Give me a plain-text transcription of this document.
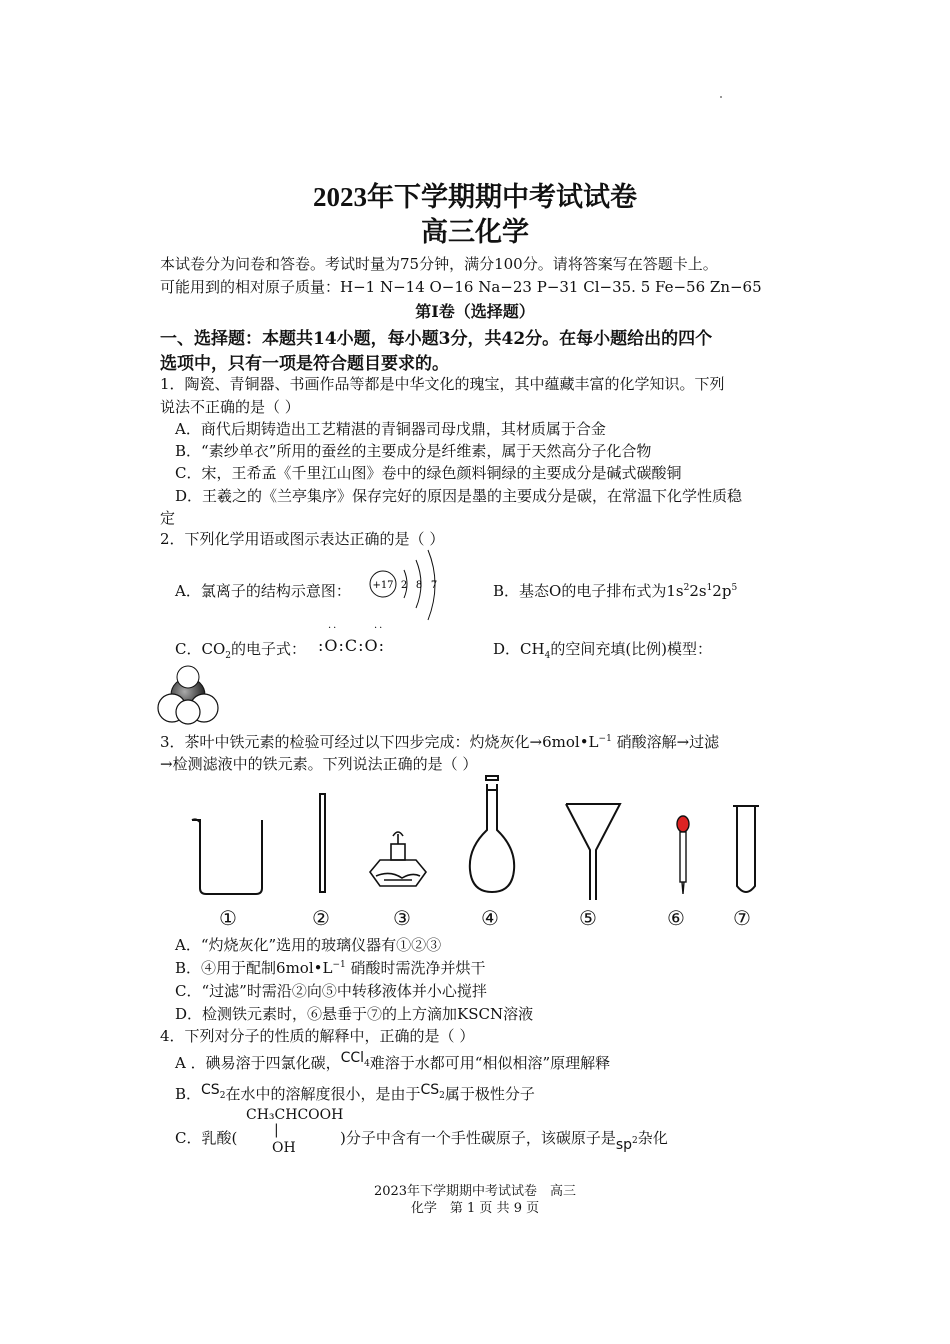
2023年下学期期中考试试卷
高三化学
本试卷分为问卷和答卷。考试时量为75分钟，满分100分。请将答案写在答题卡上。
可能用到的相对原子质量：H−1 N−14 O−16 Na−23 P−31 Cl−35. 5 Fe−56 Zn−65
第I卷（选择题）
一、选择题：本题共14小题，每小题3分，共42分。在每小题给出的四个
选项中，只有一项是符合题目要求的。
1．陶瓷、青铜器、书画作品等都是中华文化的瑰宝，其中蕴藏丰富的化学知识。下列
说法不正确的是（ ）
A．商代后期铸造出工艺精湛的青铜器司母戊鼎，其材质属于合金
B．“素纱单衣”所用的蚕丝的主要成分是纤维素，属于天然高分子化合物
C．宋，王希孟《千里江山图》卷中的绿色颜料铜绿的主要成分是碱式碳酸铜
D．王羲之的《兰亭集序》保存完好的原因是墨的主要成分是碳，在常温下化学性质稳
定
2．下列化学用语或图示表达正确的是（ ）
A．氯离子的结构示意图： +17 2 8 7	B．基态O的电子排布式为$1s^22s^12p^5$
C．$CO_2$的电子式：
··	··
:O:C:O:	D．$CH_4$的空间充填(比例)模型：
3．茶叶中铁元素的检验可经过以下四步完成：灼烧灰化$\to 6mol•L^{-1}$ 硝酸溶解→过滤
→检测滤液中的铁元素。下列说法正确的是（ ）
①	②	③	④	⑤	⑥ ⑦
A．“灼烧灰化”选用的玻璃仪器有①②③
B．④用于配制$6mol•L^{-1}$ 硝酸时需洗净并烘干
C．“过滤”时需沿②向⑤中转移液体并小心搅拌
D．检测铁元素时，⑥悬垂于⑦的上方滴加KSCN溶液
4．下列对分子的性质的解释中，正确的是（ ）
A ．碘易溶于四氯化碳，CCl$_4$难溶于水都可用“相似相溶”原理解释
B．$CS_2$在水中的溶解度很小，是由于$CS_2$属于极性分子
C．乳酸(
CH₃CHCOOH
|
OH
)分子中含有一个手性碳原子，该碳原子是$sp^2$杂化
2023年下学期期中考试试卷　高三
化学　第 1 页 共 9 页
